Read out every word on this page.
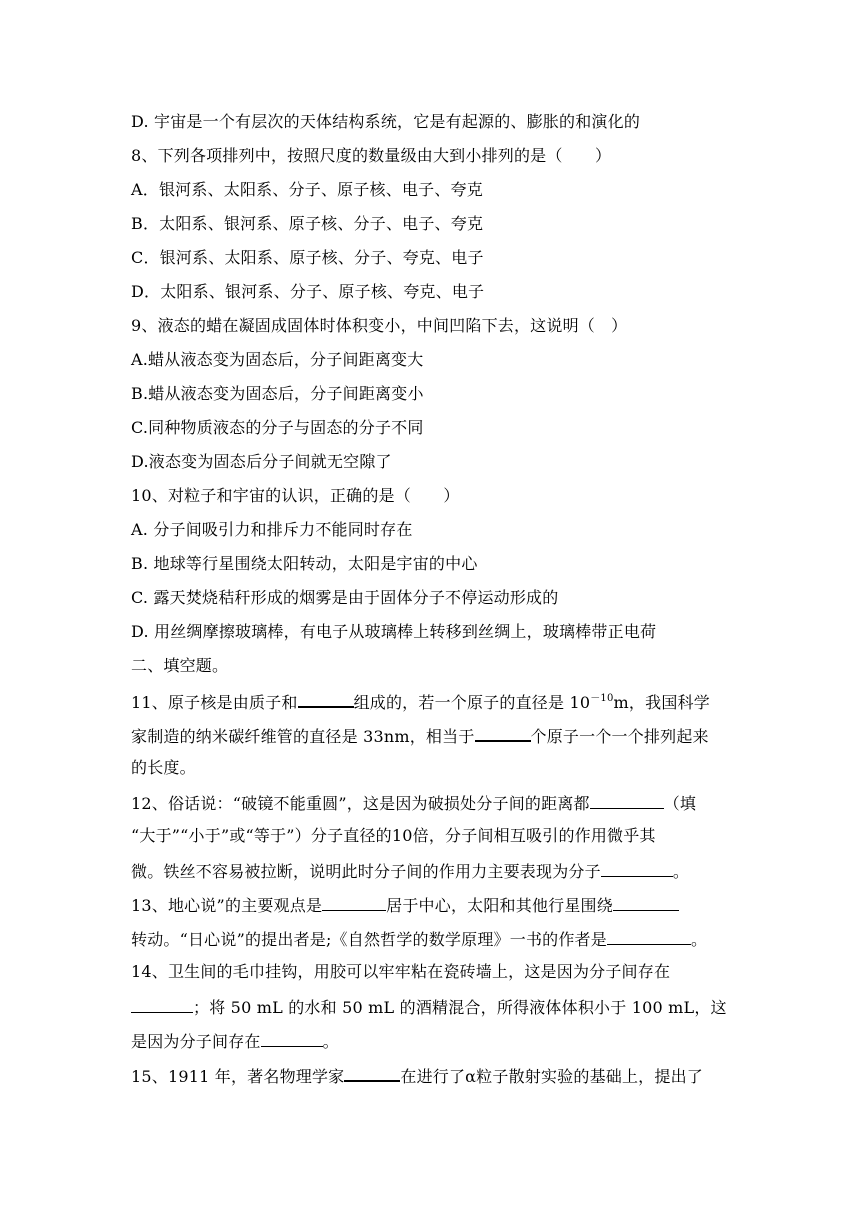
D. 宇宙是一个有层次的天体结构系统，它是有起源的、膨胀的和演化的
8、下列各项排列中，按照尺度的数量级由大到小排列的是（　　）
A．银河系、太阳系、分子、原子核、电子、夸克
B．太阳系、银河系、原子核、分子、电子、夸克
C．银河系、太阳系、原子核、分子、夸克、电子
D．太阳系、银河系、分子、原子核、夸克、电子
9、液态的蜡在凝固成固体时体积变小，中间凹陷下去，这说明（　）
A.蜡从液态变为固态后，分子间距离变大
B.蜡从液态变为固态后，分子间距离变小
C.同种物质液态的分子与固态的分子不同
D.液态变为固态后分子间就无空隙了
10、对粒子和宇宙的认识，正确的是（　　）
A. 分子间吸引力和排斥力不能同时存在
B. 地球等行星围绕太阳转动，太阳是宇宙的中心
C. 露天焚烧秸秆形成的烟雾是由于固体分子不停运动形成的
D. 用丝绸摩擦玻璃棒，有电子从玻璃棒上转移到丝绸上，玻璃棒带正电荷
二、填空题。
11、原子核是由质子和	组成的，若一个原子的直径是 $10^{-10}m$，我国科学
家制造的纳米碳纤维管的直径是 33nm，相当于	个原子一个一个排列起来
的长度。
12、俗话说：“破镜不能重圆”，这是因为破损处分子间的距离都	（填
“大于”“小于”或“等于”）分子直径的10倍，分子间相互吸引的作用微乎其
微。铁丝不容易被拉断，说明此时分子间的作用力主要表现为分子	。
13、地心说”的主要观点是	居于中心，太阳和其他行星围绕
转动。“日心说”的提出者是;《自然哲学的数学原理》一书的作者是	。
14、卫生间的毛巾挂钩，用胶可以牢牢粘在瓷砖墙上，这是因为分子间存在
；将 50 mL 的水和 50 mL 的酒精混合，所得液体体积小于 100 mL，这
是因为分子间存在	。
15、1911 年，著名物理学家	在进行了α粒子散射实验的基础上，提出了
